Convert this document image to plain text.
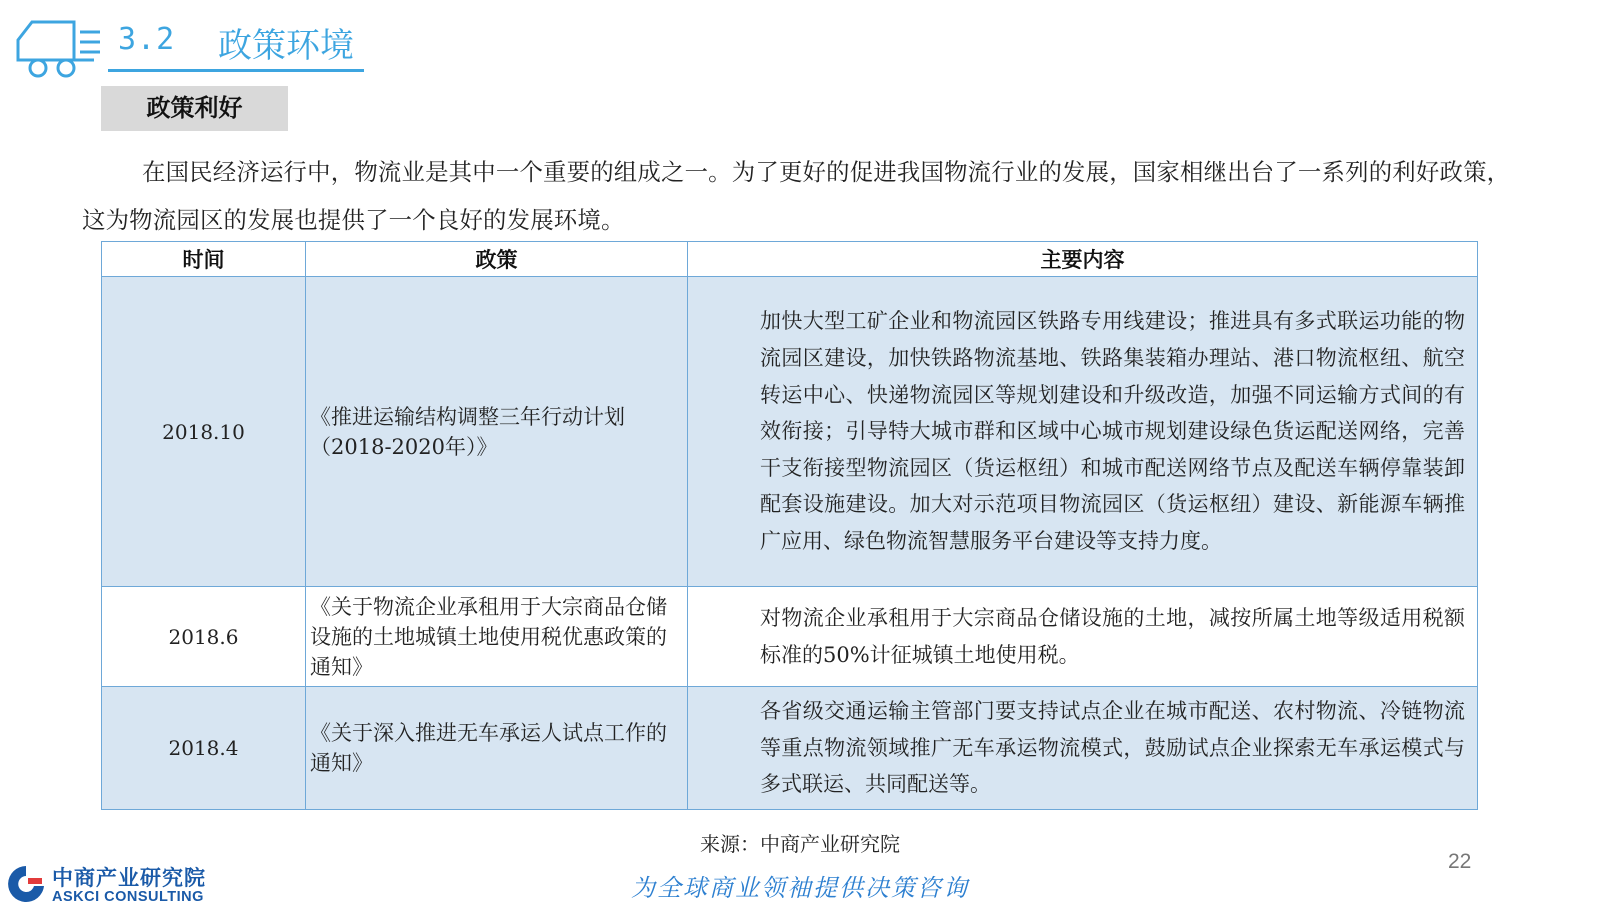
3.2 政策环境
政策利好
在国民经济运行中，物流业是其中一个重要的组成之一。为了更好的促进我国物流行业的发展，国家相继出台了一系列的利好政策，这为物流园区的发展也提供了一个良好的发展环境。
时间	政策	主要内容
2018.10	《推进运输结构调整三年行动计划（2018-2020年）》	加快大型工矿企业和物流园区铁路专用线建设；推进具有多式联运功能的物流园区建设，加快铁路物流基地、铁路集装箱办理站、港口物流枢纽、航空转运中心、快递物流园区等规划建设和升级改造，加强不同运输方式间的有效衔接；引导特大城市群和区域中心城市规划建设绿色货运配送网络，完善干支衔接型物流园区（货运枢纽）和城市配送网络节点及配送车辆停靠装卸配套设施建设。加大对示范项目物流园区（货运枢纽）建设、新能源车辆推广应用、绿色物流智慧服务平台建设等支持力度。
2018.6	《关于物流企业承租用于大宗商品仓储设施的土地城镇土地使用税优惠政策的通知》	对物流企业承租用于大宗商品仓储设施的土地，减按所属土地等级适用税额标准的50%计征城镇土地使用税。
2018.4	《关于深入推进无车承运人试点工作的通知》	各省级交通运输主管部门要支持试点企业在城市配送、农村物流、冷链物流等重点物流领域推广无车承运物流模式，鼓励试点企业探索无车承运模式与多式联运、共同配送等。
来源：中商产业研究院
中商产业研究院
ASKCI CONSULTING	为全球商业领袖提供决策咨询
22
